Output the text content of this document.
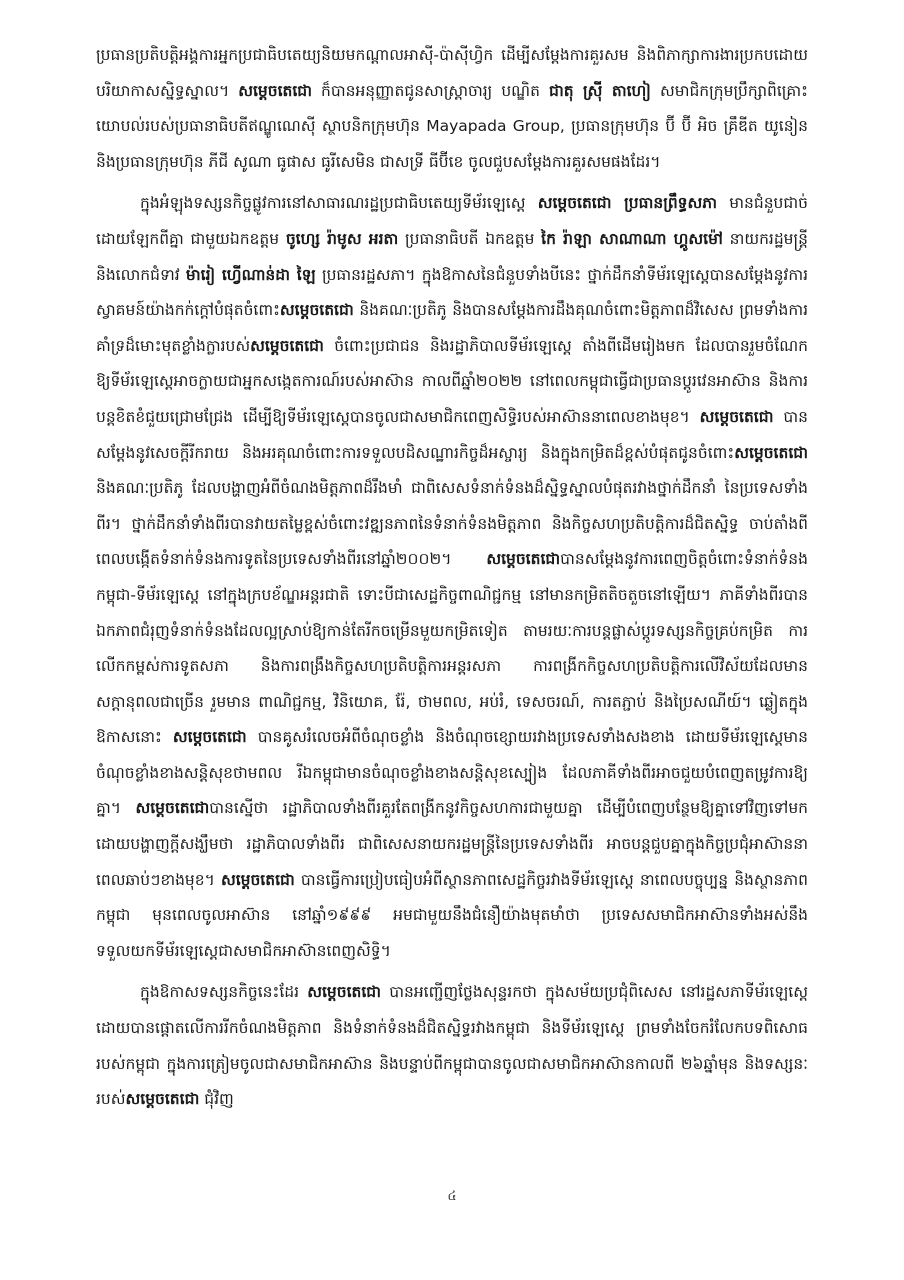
ប្រធានប្រតិបត្តិអង្គការអ្នកប្រជាធិបតេយ្យនិយមកណ្ដាលអាស៊ី-ប៉ាស៊ីហ្វិក ដើម្បីសម្ដែងការគួរសម និងពិភាក្សាការងារប្រកបដោយបរិយាកាសស្និទ្ធស្នាល។ សម្ដេចតេជោ ក៏បានអនុញ្ញាតជូនសាស្ត្រាចារ្យ បណ្ឌិត ជាតុ ស្រ៊ី តាហៀ សមាជិកក្រុមប្រឹក្សាពិគ្រោះយោបល់របស់ប្រធានាធិបតីឥណ្ឌូណេស៊ី ស្ថាបនិកក្រុមហ៊ុន Mayapada Group, ប្រធានក្រុមហ៊ុន ប៊ី ប៊ី អិច គ្រឹឌីត យូនៀន និងប្រធានក្រុមហ៊ុន ភីជី សូណា ធូផាស ធូរីសេមិន ជាសទ្រី ធីប៊ីខេ ចូលជួបសម្ដែងការគួរសមផងដែរ។

ក្នុងអំឡុងទស្សនកិច្ចផ្លូវការនៅសាធារណរដ្ឋប្រជាធិបតេយ្យទីម័រឡេស្តេ សម្ដេចតេជោ ប្រធានព្រឹទ្ធសភា មានជំនួបជាច់ដោយឡែកពីគ្នា ជាមួយឯកឧត្តម ចូហ្សេ រ៉ាមូស អរតា ប្រធានាធិបតី ឯកឧត្តម កៃ រ៉ាឡា សាណាណា ហ្គូសម៉ៅ នាយករដ្ឋមន្ត្រី និងលោកជំទាវ ម៉ារៀ ហ្វើណាន់ដា ឡៃ ប្រធានរដ្ឋសភា។ ក្នុងឱកាសនៃជំនួបទាំងបីនេះ ថ្នាក់ដឹកនាំទីម័រឡេស្តេបានសម្ដែងនូវការស្វាគមន៍យ៉ាងកក់ក្ដៅបំផុតចំពោះសម្ដេចតេជោ និងគណៈប្រតិភូ និងបានសម្ដែងការដឹងគុណចំពោះមិត្តភាពដ៏វិសេស ព្រមទាំងការគាំទ្រដ៏មោះមុតខ្លាំងក្លារបស់សម្ដេចតេជោ ចំពោះប្រជាជន និងរដ្ឋាភិបាលទីម័រឡេស្តេ តាំងពីដើមរៀងមក ដែលបានរួមចំណែកឱ្យទីម័រឡេស្តេអាចក្លាយជាអ្នកសង្កេតការណ៍របស់អាស៊ាន កាលពីឆ្នាំ២០២២ នៅពេលកម្ពុជាធ្វើជាប្រធានប្ដូរវេនអាស៊ាន និងការបន្តខិតខំជួយជ្រោមជ្រែង ដើម្បីឱ្យទីម័រឡេស្តេបានចូលជាសមាជិកពេញសិទ្ធិរបស់អាស៊ាននាពេលខាងមុខ។ សម្ដេចតេជោ បានសម្ដែងនូវសេចក្ដីរីករាយ និងអរគុណចំពោះការទទួលបដិសណ្ឋារកិច្ចដ៏អស្ចារ្យ និងក្នុងកម្រិតដ៏ខ្ពស់បំផុតជូនចំពោះសម្ដេចតេជោ និងគណៈប្រតិភូ ដែលបង្ហាញអំពីចំណងមិត្តភាពដ៏រឹងមាំ ជាពិសេសទំនាក់ទំនងដ៏ស្និទ្ធស្នាលបំផុតរវាងថ្នាក់ដឹកនាំ នៃប្រទេសទាំងពីរ។ ថ្នាក់ដឹកនាំទាំងពីរបានវាយតម្លៃខ្ពស់ចំពោះវឌ្ឍនភាពនៃទំនាក់ទំនងមិត្តភាព និងកិច្ចសហប្រតិបត្តិការដ៏ជិតស្និទ្ធ ចាប់តាំងពីពេលបង្កើតទំនាក់ទំនងការទូតនៃប្រទេសទាំងពីរនៅឆ្នាំ២០០២។ សម្ដេចតេជោបានសម្ដែងនូវការពេញចិត្តចំពោះទំនាក់ទំនងកម្ពុជា-ទីម័រឡេស្តេ នៅក្នុងក្របខ័ណ្ឌអន្តរជាតិ ទោះបីជាសេដ្ឋកិច្ចពាណិជ្ជកម្ម នៅមានកម្រិតតិចតួចនៅឡើយ។ ភាគីទាំងពីរបានឯកភាពជំរុញទំនាក់ទំនងដែលល្អស្រាប់ឱ្យកាន់តែរីកចម្រើនមួយកម្រិតទៀត តាមរយៈការបន្តផ្លាស់ប្ដូរទស្សនកិច្ចគ្រប់កម្រិត ការលើកកម្ពស់ការទូតសភា និងការពង្រឹងកិច្ចសហប្រតិបត្តិការអន្តរសភា ការពង្រីកកិច្ចសហប្រតិបត្តិការលើវិស័យដែលមានសក្ដានុពលជាច្រើន រួមមាន ពាណិជ្ជកម្ម, វិនិយោគ, រ៉ែ, ថាមពល, អប់រំ, ទេសចរណ៍, ការតភ្ជាប់ និងប្រៃសណីយ៍។ ឆ្លៀតក្នុងឱកាសនោះ សម្ដេចតេជោ បានគូសរំលេចអំពីចំណុចខ្លាំង និងចំណុចខ្សោយរវាងប្រទេសទាំងសងខាង ដោយទីម័រឡេស្តេមានចំណុចខ្លាំងខាងសន្តិសុខថាមពល រីឯកម្ពុជាមានចំណុចខ្លាំងខាងសន្តិសុខស្បៀង ដែលភាគីទាំងពីរអាចជួយបំពេញតម្រូវការឱ្យគ្នា។ សម្ដេចតេជោបានស្នើថា រដ្ឋាភិបាលទាំងពីរគួរតែពង្រីកនូវកិច្ចសហការជាមួយគ្នា ដើម្បីបំពេញបន្ថែមឱ្យគ្នាទៅវិញទៅមក ដោយបង្ហាញក្ដីសង្ឃឹមថា រដ្ឋាភិបាលទាំងពីរ ជាពិសេសនាយករដ្ឋមន្ត្រីនៃប្រទេសទាំងពីរ អាចបន្តជួបគ្នាក្នុងកិច្ចប្រជុំអាស៊ាននាពេលឆាប់ៗខាងមុខ។ សម្ដេចតេជោ បានធ្វើការប្រៀបធៀបអំពីស្ថានភាពសេដ្ឋកិច្ចរវាងទីម័រឡេស្តេ នាពេលបច្ចុប្បន្ន និងស្ថានភាពកម្ពុជា មុនពេលចូលអាស៊ាន នៅឆ្នាំ១៩៩៩ អមជាមួយនឹងជំនឿយ៉ាងមុតមាំថា ប្រទេសសមាជិកអាស៊ានទាំងអស់នឹងទទួលយកទីម័រឡេស្តេជាសមាជិកអាស៊ានពេញសិទ្ធិ។

ក្នុងឱកាសទស្សនកិច្ចនេះដែរ សម្ដេចតេជោ បានអញ្ជើញថ្លែងសុន្ទរកថា ក្នុងសម័យប្រជុំពិសេស នៅរដ្ឋសភាទីម័រឡេស្តេ ដោយបានផ្ដោតលើការរីកចំណងមិត្តភាព និងទំនាក់ទំនងដ៏ជិតស្និទ្ធរវាងកម្ពុជា និងទីម័រឡេស្តេ ព្រមទាំងចែករំលែកបទពិសោធរបស់កម្ពុជា ក្នុងការត្រៀមចូលជាសមាជិកអាស៊ាន និងបន្ទាប់ពីកម្ពុជាបានចូលជាសមាជិកអាស៊ានកាលពី ២៦ឆ្នាំមុន និងទស្សនៈរបស់សម្ដេចតេជោ ជុំវិញ

៤
